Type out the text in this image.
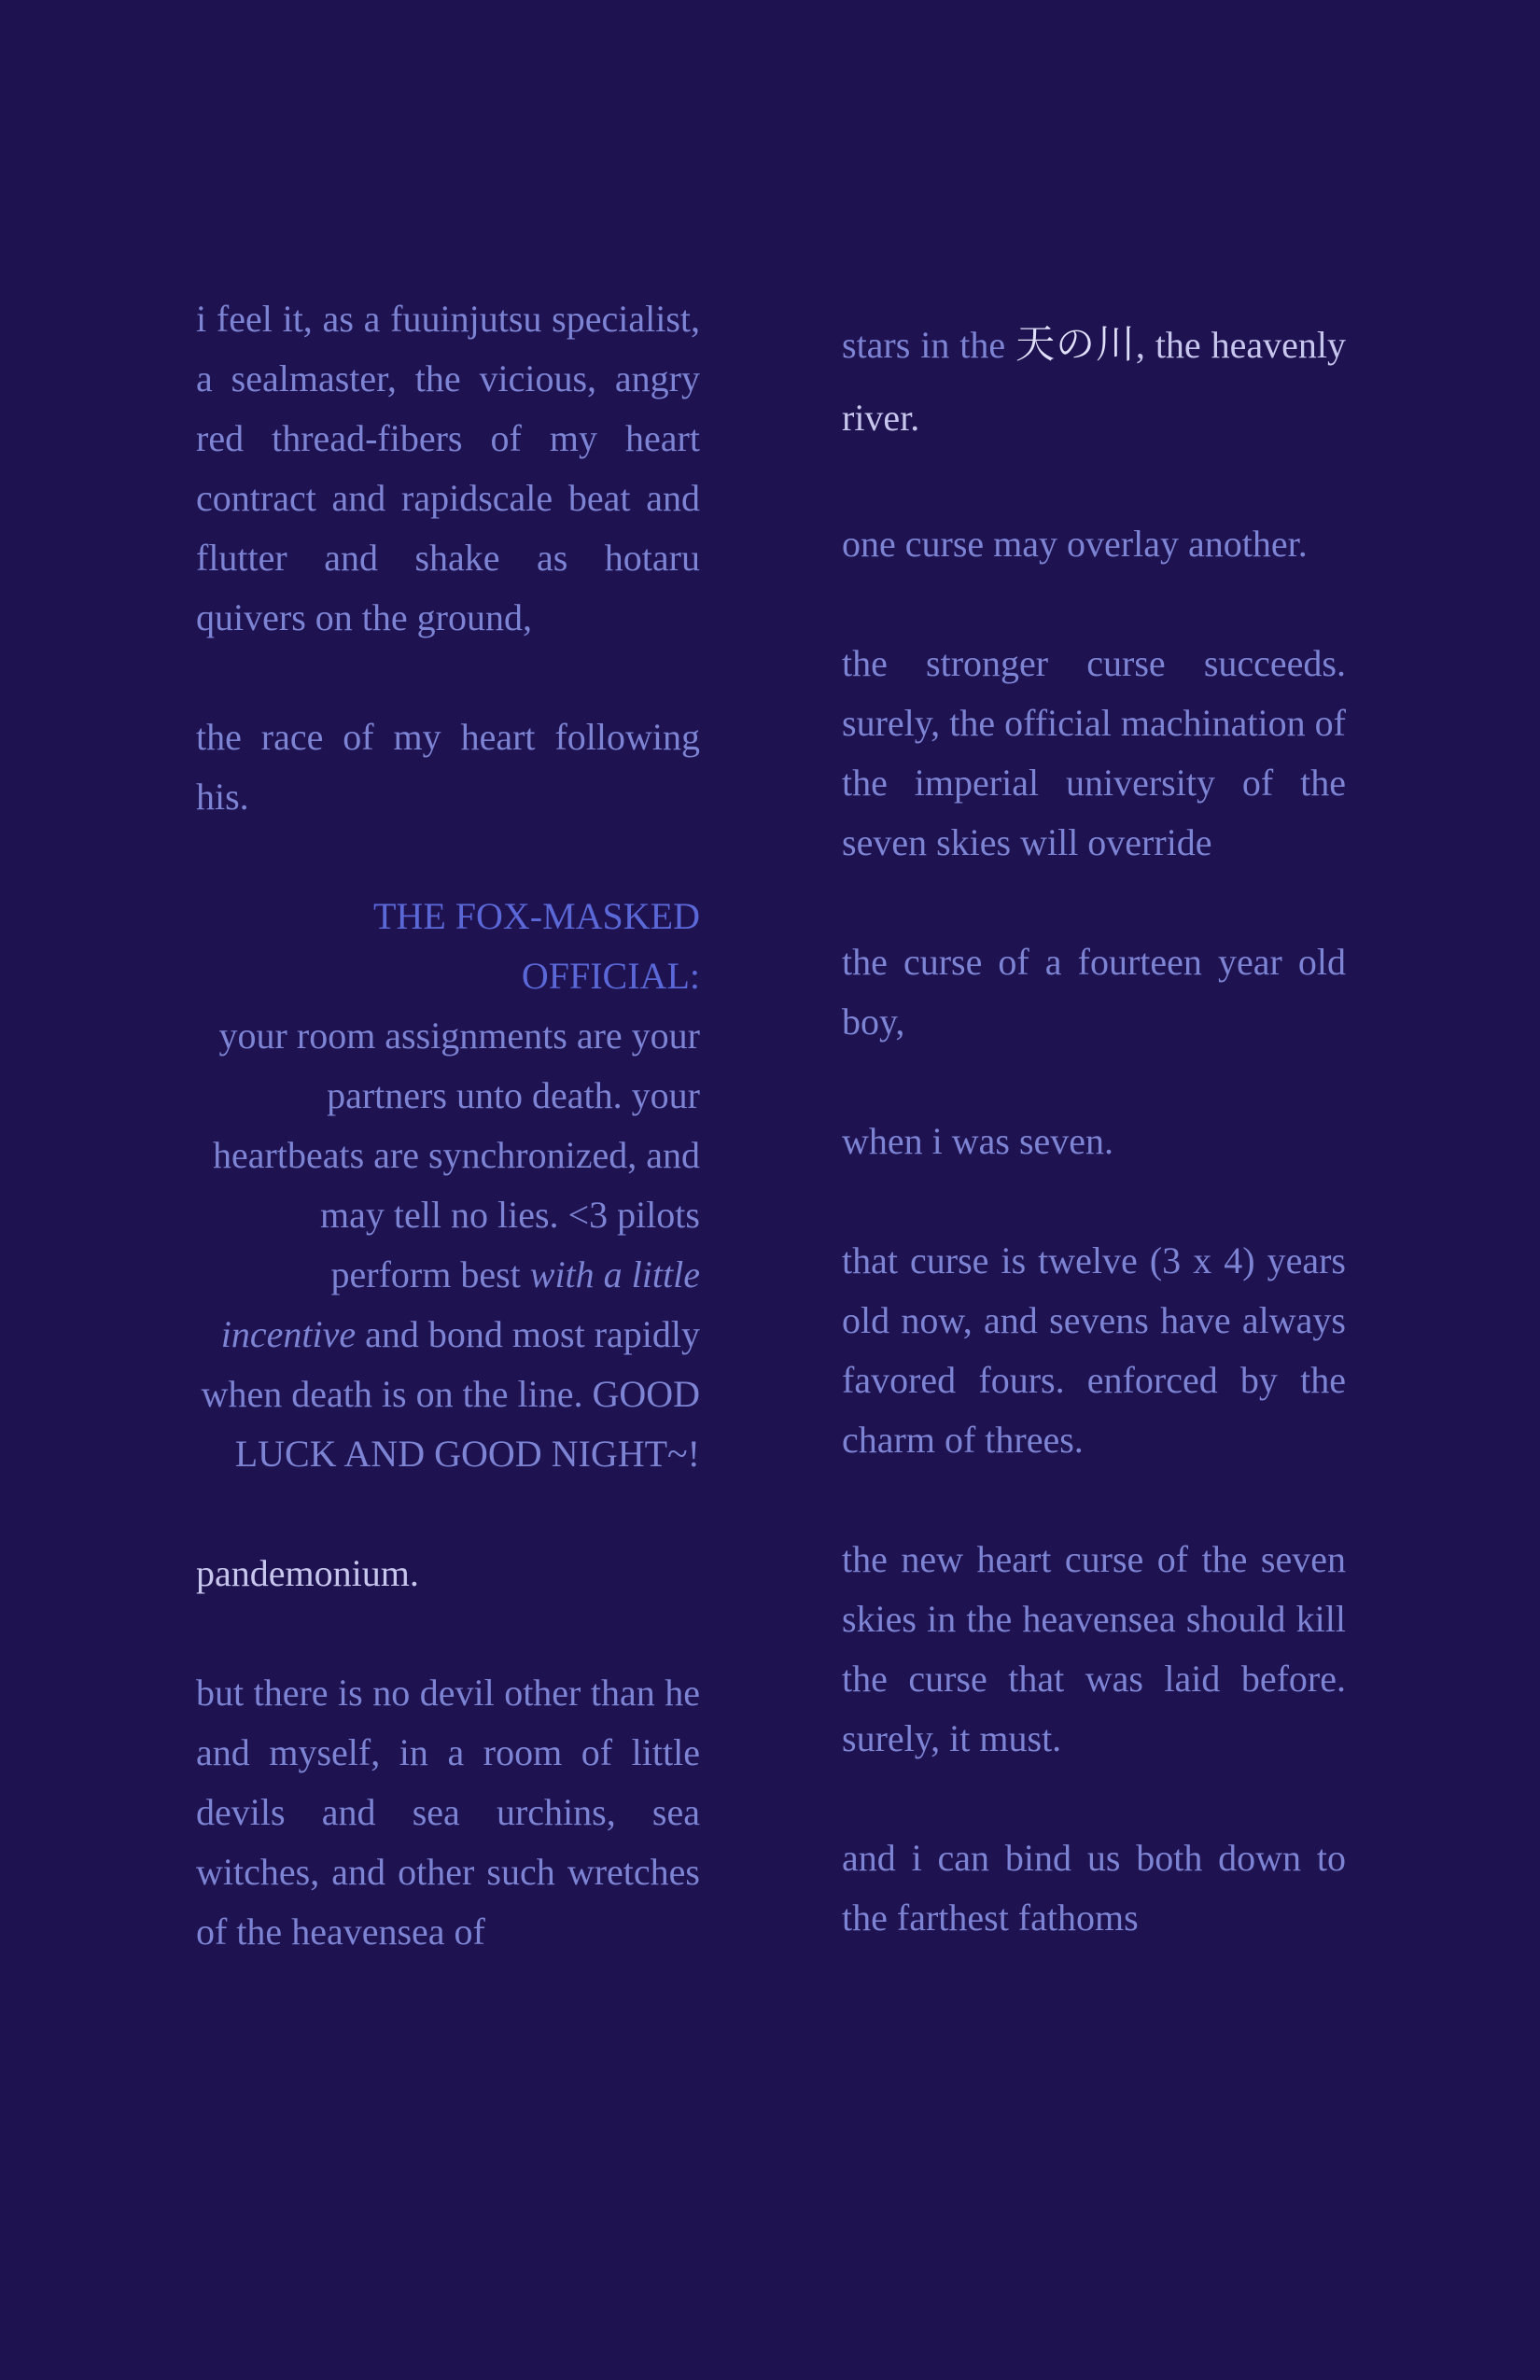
i feel it, as a fuuinjutsu specialist, a sealmaster, the vicious, angry red thread-fibers of my heart contract and rapidscale beat and flutter and shake as hotaru quivers on the ground,

the race of my heart following his.

THE FOX-MASKED OFFICIAL:

your room assignments are your partners unto death. your heartbeats are synchronized, and may tell no lies. <3 pilots perform best with a little incentive and bond most rapidly when death is on the line. GOOD LUCK AND GOOD NIGHT~!

pandemonium.

but there is no devil other than he and myself, in a room of little devils and sea urchins, sea witches, and other such wretches of the heavensea of

stars in the 天の川, the heavenly river.

one curse may overlay another.

the stronger curse succeeds. surely, the official machination of the imperial university of the seven skies will override

the curse of a fourteen year old boy,

when i was seven.

that curse is twelve (3 x 4) years old now, and sevens have always favored fours. enforced by the charm of threes.

the new heart curse of the seven skies in the heavensea should kill the curse that was laid before. surely, it must.

and i can bind us both down to the farthest fathoms
